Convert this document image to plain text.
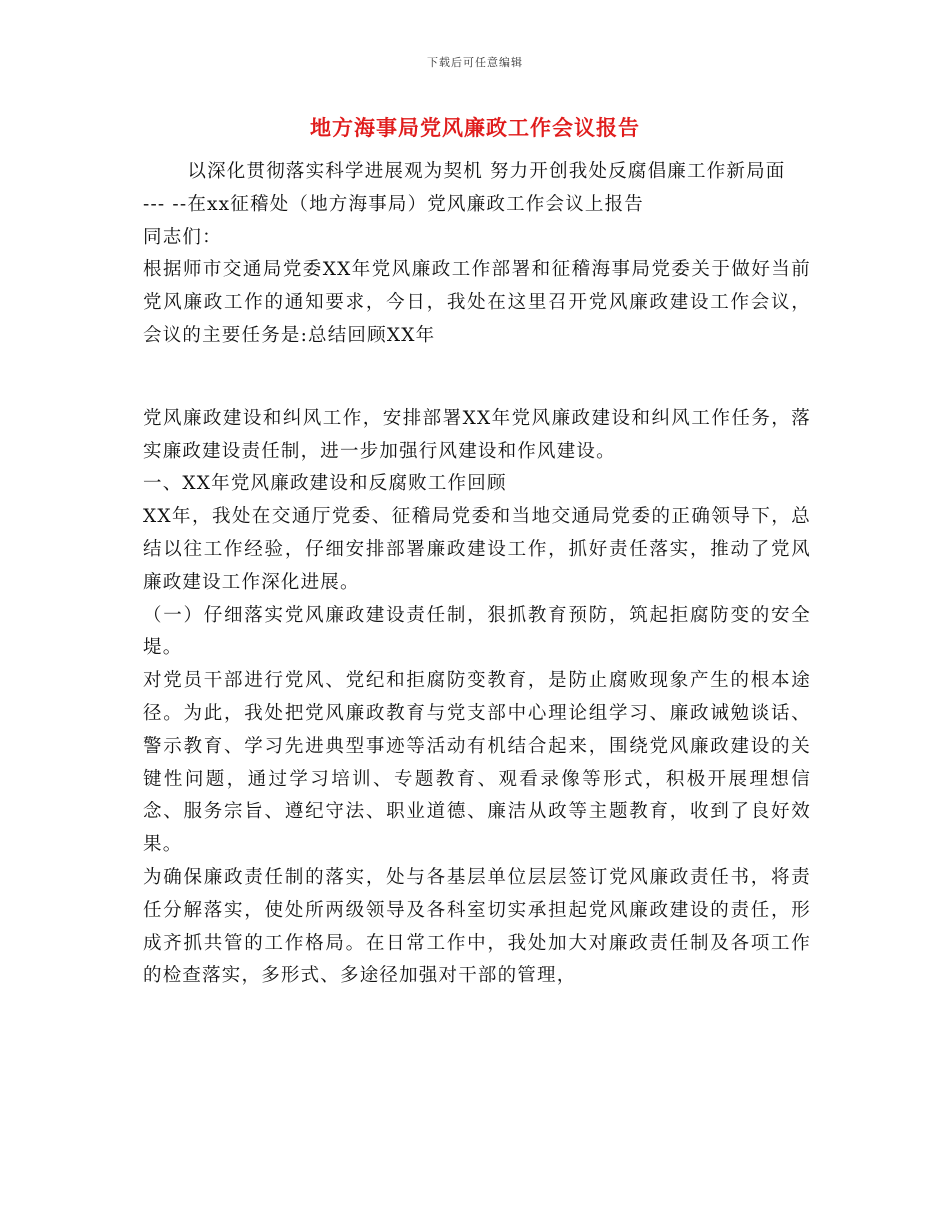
下载后可任意编辑
地方海事局党风廉政工作会议报告

以深化贯彻落实科学进展观为契机 努力开创我处反腐倡廉工作新局面

--- --在xx征稽处（地方海事局）党风廉政工作会议上报告

同志们：

根据师市交通局党委XX年党风廉政工作部署和征稽海事局党委关于做好当前党风廉政工作的通知要求，今日，我处在这里召开党风廉政建设工作会议，会议的主要任务是:总结回顾XX年

党风廉政建设和纠风工作，安排部署XX年党风廉政建设和纠风工作任务，落实廉政建设责任制，进一步加强行风建设和作风建设。

一、XX年党风廉政建设和反腐败工作回顾

XX年，我处在交通厅党委、征稽局党委和当地交通局党委的正确领导下，总结以往工作经验，仔细安排部署廉政建设工作，抓好责任落实，推动了党风廉政建设工作深化进展。

（一）仔细落实党风廉政建设责任制，狠抓教育预防，筑起拒腐防变的安全堤。

对党员干部进行党风、党纪和拒腐防变教育，是防止腐败现象产生的根本途径。为此，我处把党风廉政教育与党支部中心理论组学习、廉政诫勉谈话、警示教育、学习先进典型事迹等活动有机结合起来，围绕党风廉政建设的关键性问题，通过学习培训、专题教育、观看录像等形式，积极开展理想信念、服务宗旨、遵纪守法、职业道德、廉洁从政等主题教育，收到了良好效果。

为确保廉政责任制的落实，处与各基层单位层层签订党风廉政责任书，将责任分解落实，使处所两级领导及各科室切实承担起党风廉政建设的责任，形成齐抓共管的工作格局。在日常工作中，我处加大对廉政责任制及各项工作的检查落实，多形式、多途径加强对干部的管理，
